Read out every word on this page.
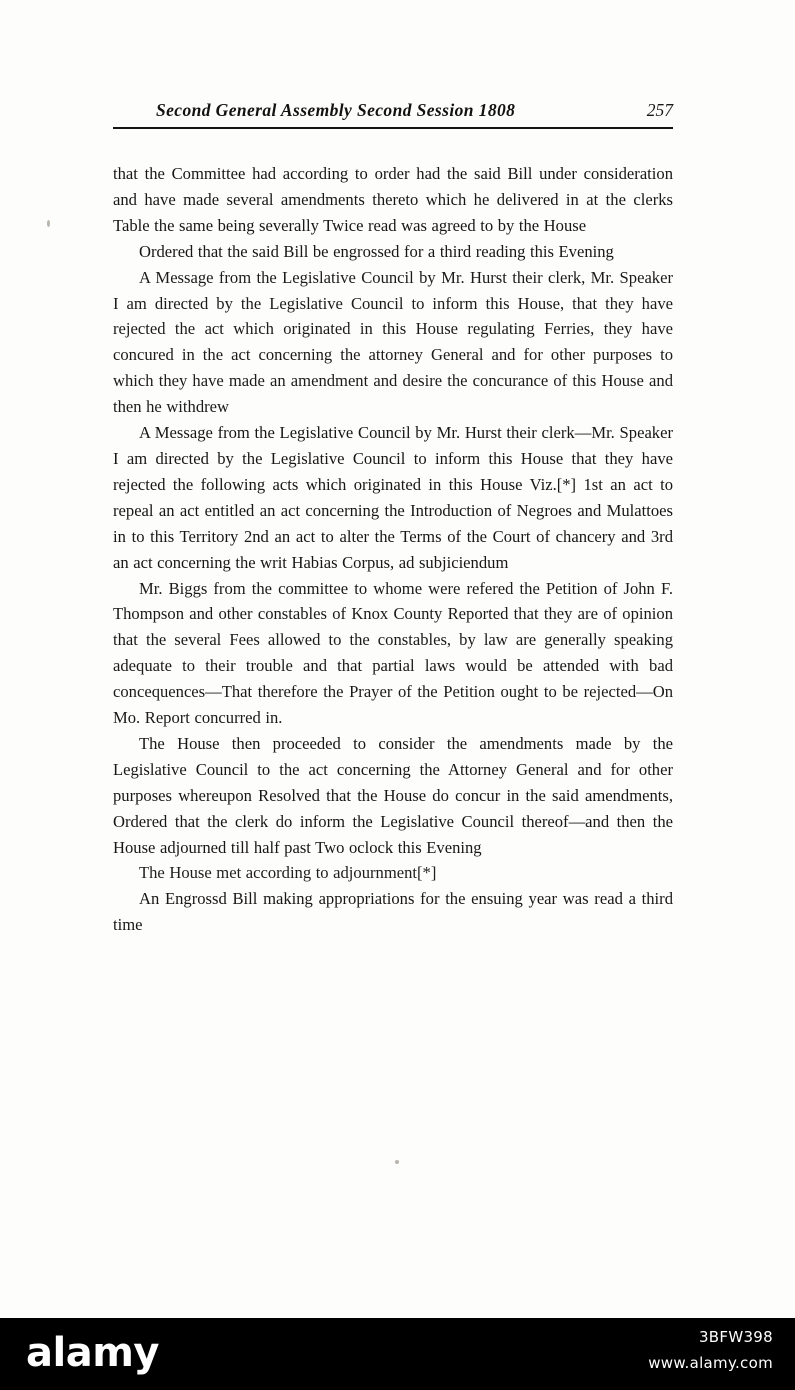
Second General Assembly Second Session 1808	257

that the Committee had according to order had the said Bill under consideration and have made several amendments thereto which he delivered in at the clerks Table the same being severally Twice read was agreed to by the House

Ordered that the said Bill be engrossed for a third reading this Evening

A Message from the Legislative Council by Mr. Hurst their clerk, Mr. Speaker I am directed by the Legislative Council to inform this House, that they have rejected the act which originated in this House regulating Ferries, they have concured in the act concerning the attorney General and for other purposes to which they have made an amendment and desire the concurance of this House and then he withdrew

A Message from the Legislative Council by Mr. Hurst their clerk—Mr. Speaker I am directed by the Legislative Council to inform this House that they have rejected the following acts which originated in this House Viz.[*] 1st an act to repeal an act entitled an act concerning the Introduction of Negroes and Mulattoes in to this Territory 2nd an act to alter the Terms of the Court of chancery and 3rd an act concerning the writ Habias Corpus, ad subjiciendum

Mr. Biggs from the committee to whome were refered the Petition of John F. Thompson and other constables of Knox County Reported that they are of opinion that the several Fees allowed to the constables, by law are generally speaking adequate to their trouble and that partial laws would be attended with bad concequences—That therefore the Prayer of the Petition ought to be rejected—On Mo. Report concurred in.

The House then proceeded to consider the amendments made by the Legislative Council to the act concerning the Attorney General and for other purposes whereupon Resolved that the House do concur in the said amendments, Ordered that the clerk do inform the Legislative Council thereof—and then the House adjourned till half past Two oclock this Evening

The House met according to adjournment[*]

An Engrossd Bill making appropriations for the ensuing year was read a third time

alamy	3BFW398
www.alamy.com
